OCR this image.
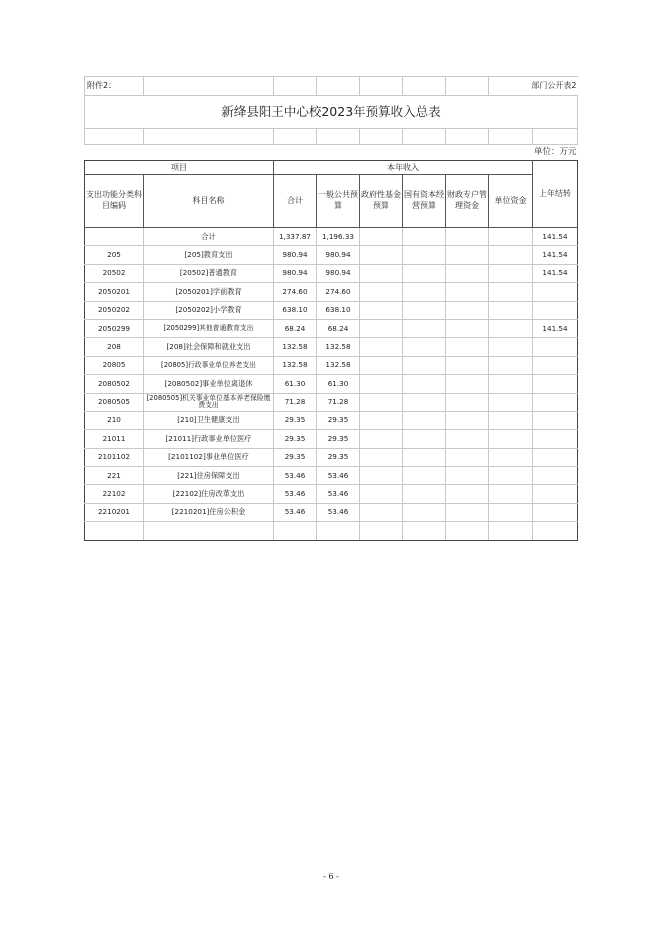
附件2：							部门公开表2	
新绛县阳王中心校2023年预算收入总表								

单位：万元								
项目		本年收入						上年结转
支出功能分类科目编码	科目名称	合计	一般公共预算	政府性基金预算	国有资本经营预算	财政专户管理资金	单位资金	
	合计	1,337.87	1,196.33					141.54
205	[205]教育支出	980.94	980.94					141.54
20502	[20502]普通教育	980.94	980.94					141.54
2050201	[2050201]学前教育	274.60	274.60					
2050202	[2050202]小学教育	638.10	638.10					
2050299	[2050299]其他普通教育支出	68.24	68.24					141.54
208	[208]社会保障和就业支出	132.58	132.58					
20805	[20805]行政事业单位养老支出	132.58	132.58					
2080502	[2080502]事业单位离退休	61.30	61.30					
2080505	[2080505]机关事业单位基本养老保险缴费支出	71.28	71.28					
210	[210]卫生健康支出	29.35	29.35					
21011	[21011]行政事业单位医疗	29.35	29.35					
2101102	[2101102]事业单位医疗	29.35	29.35					
221	[221]住房保障支出	53.46	53.46					
22102	[22102]住房改革支出	53.46	53.46					
2210201	[2210201]住房公积金	53.46	53.46					

- 6 -
